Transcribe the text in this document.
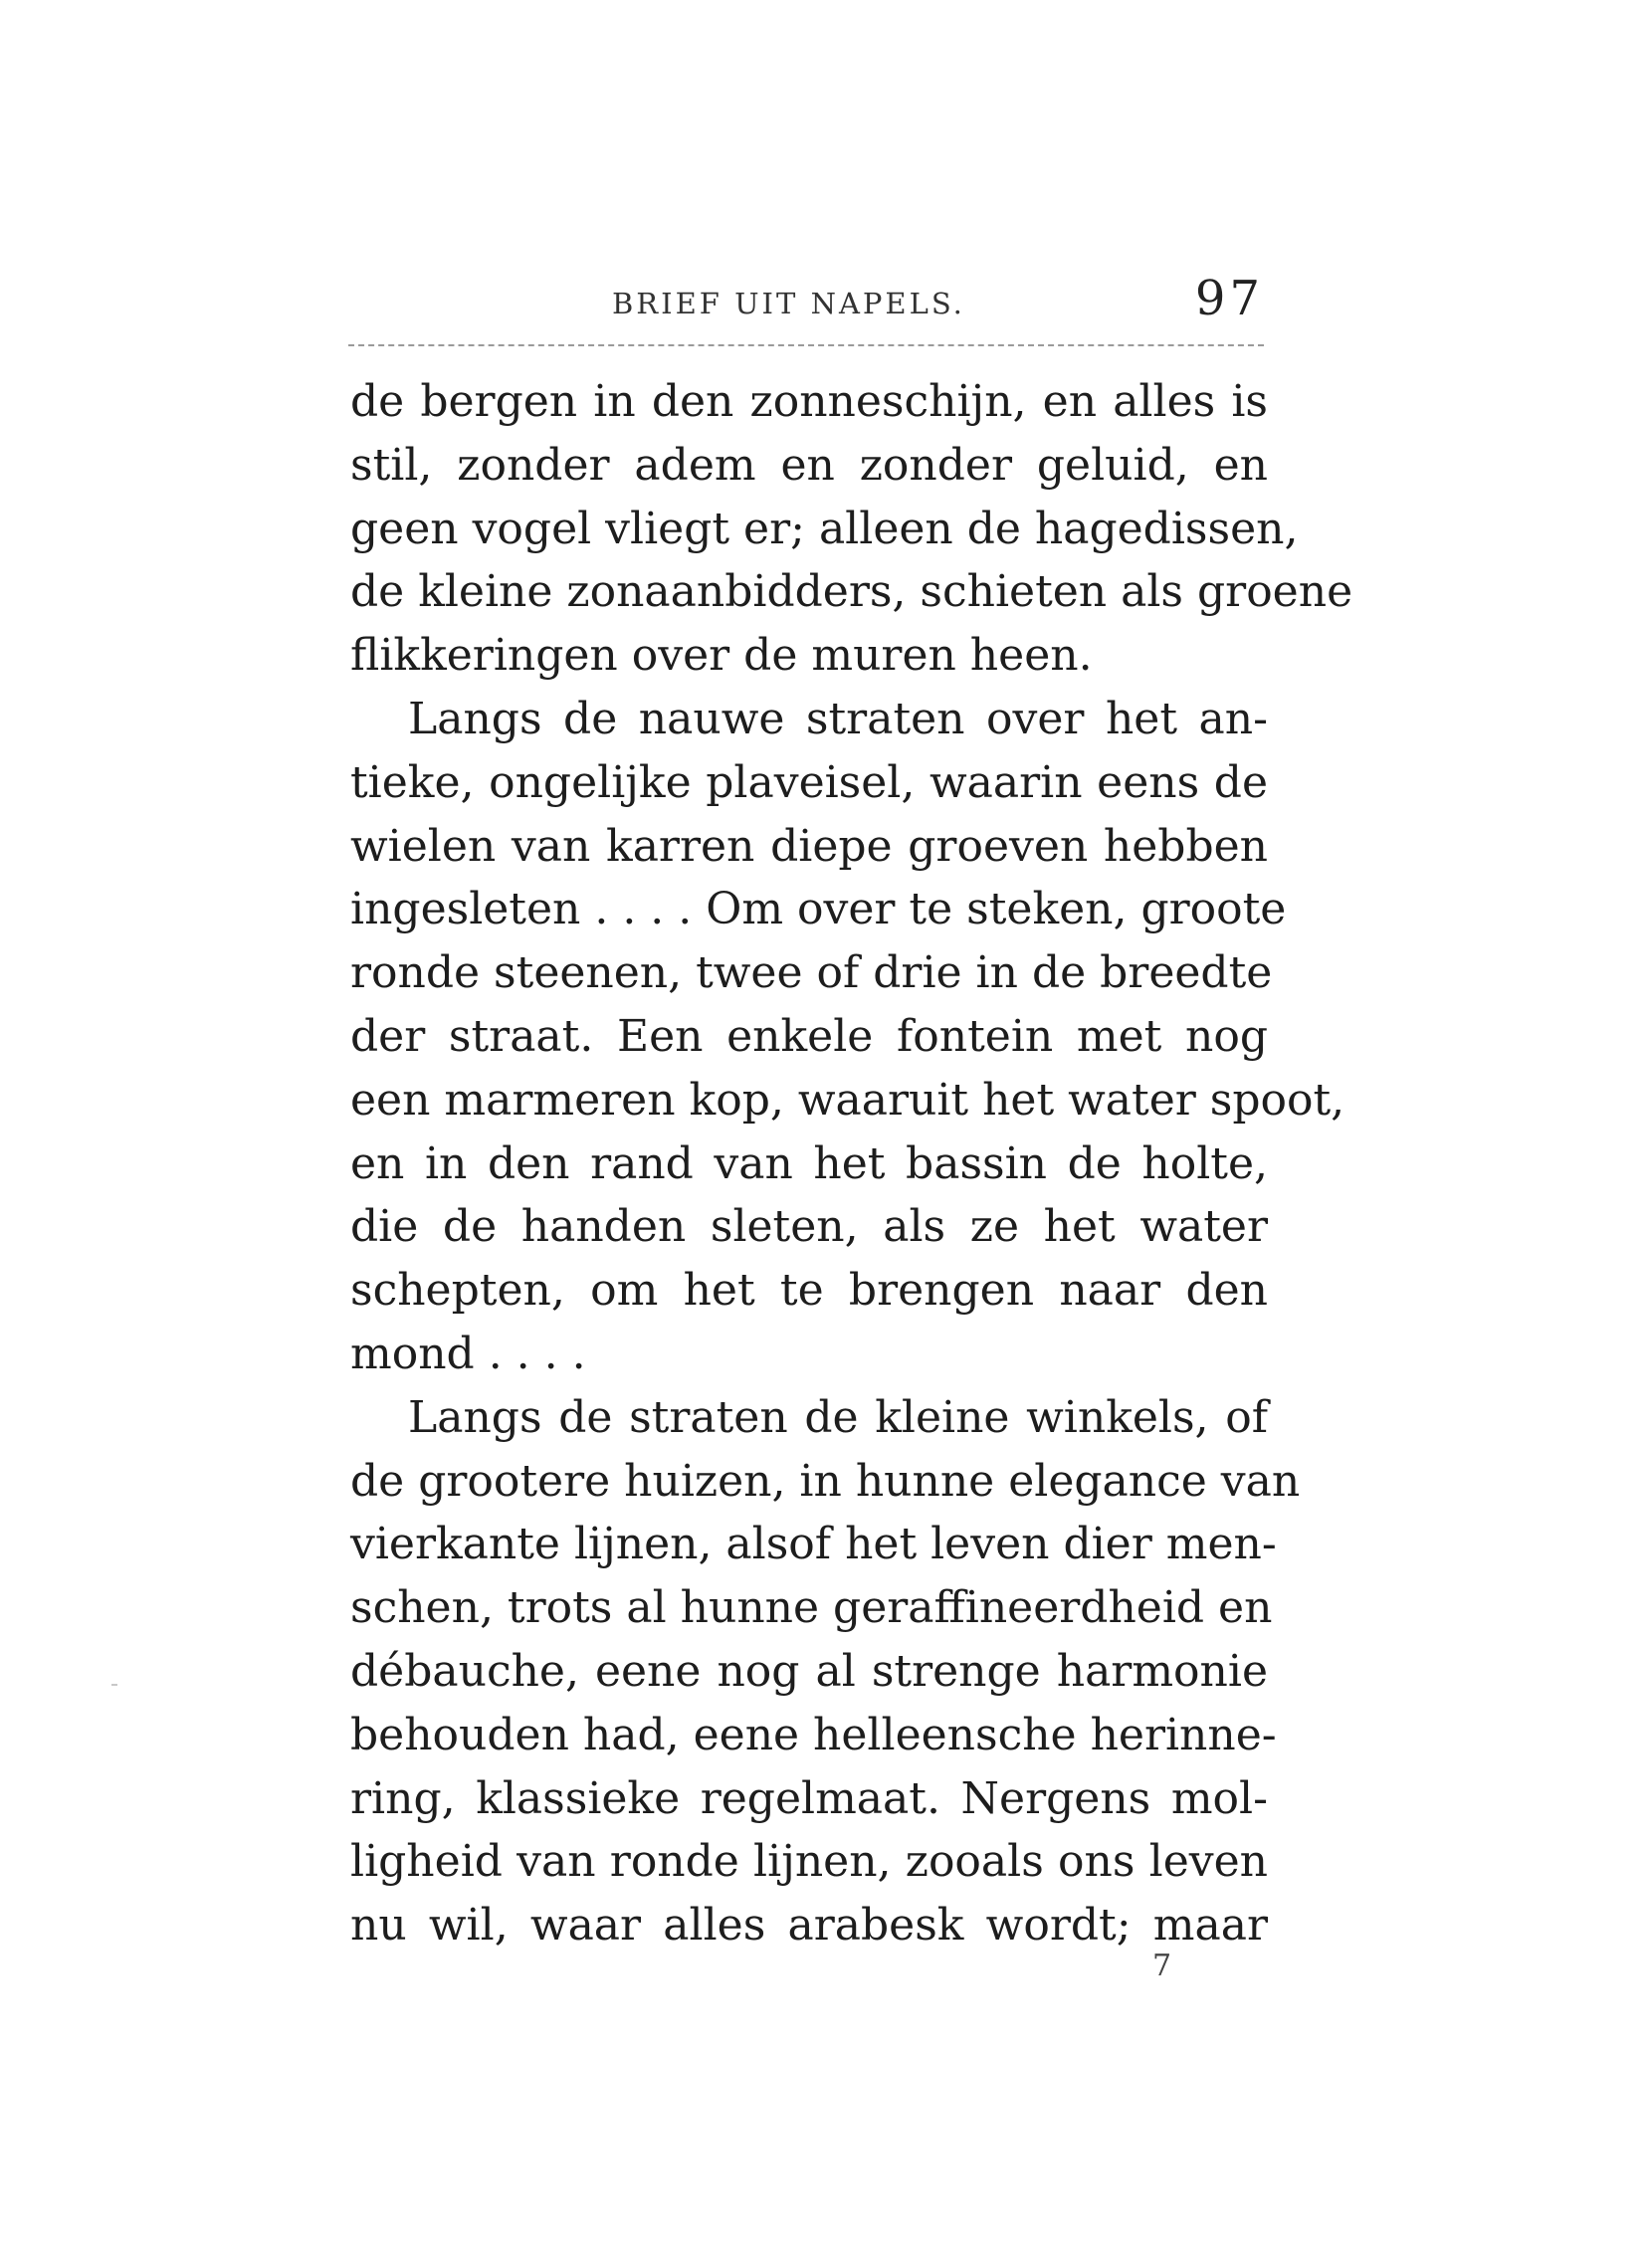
BRIEF UIT NAPELS.	97
de bergen in den zonneschijn, en alles is
stil, zonder adem en zonder geluid, en
geen vogel vliegt er; alleen de hagedissen,
de kleine zonaanbidders, schieten als groene
flikkeringen over de muren heen.
Langs de nauwe straten over het an-
tieke, ongelijke plaveisel, waarin eens de
wielen van karren diepe groeven hebben
ingesleten . . . . Om over te steken, groote
ronde steenen, twee of drie in de breedte
der straat. Een enkele fontein met nog
een marmeren kop, waaruit het water spoot,
en in den rand van het bassin de holte,
die de handen sleten, als ze het water
schepten, om het te brengen naar den
mond . . . .
Langs de straten de kleine winkels, of
de grootere huizen, in hunne elegance van
vierkante lijnen, alsof het leven dier men-
schen, trots al hunne geraffineerdheid en
débauche, eene nog al strenge harmonie
behouden had, eene helleensche herinne-
ring, klassieke regelmaat. Nergens mol-
ligheid van ronde lijnen, zooals ons leven
nu wil, waar alles arabesk wordt; maar
7
